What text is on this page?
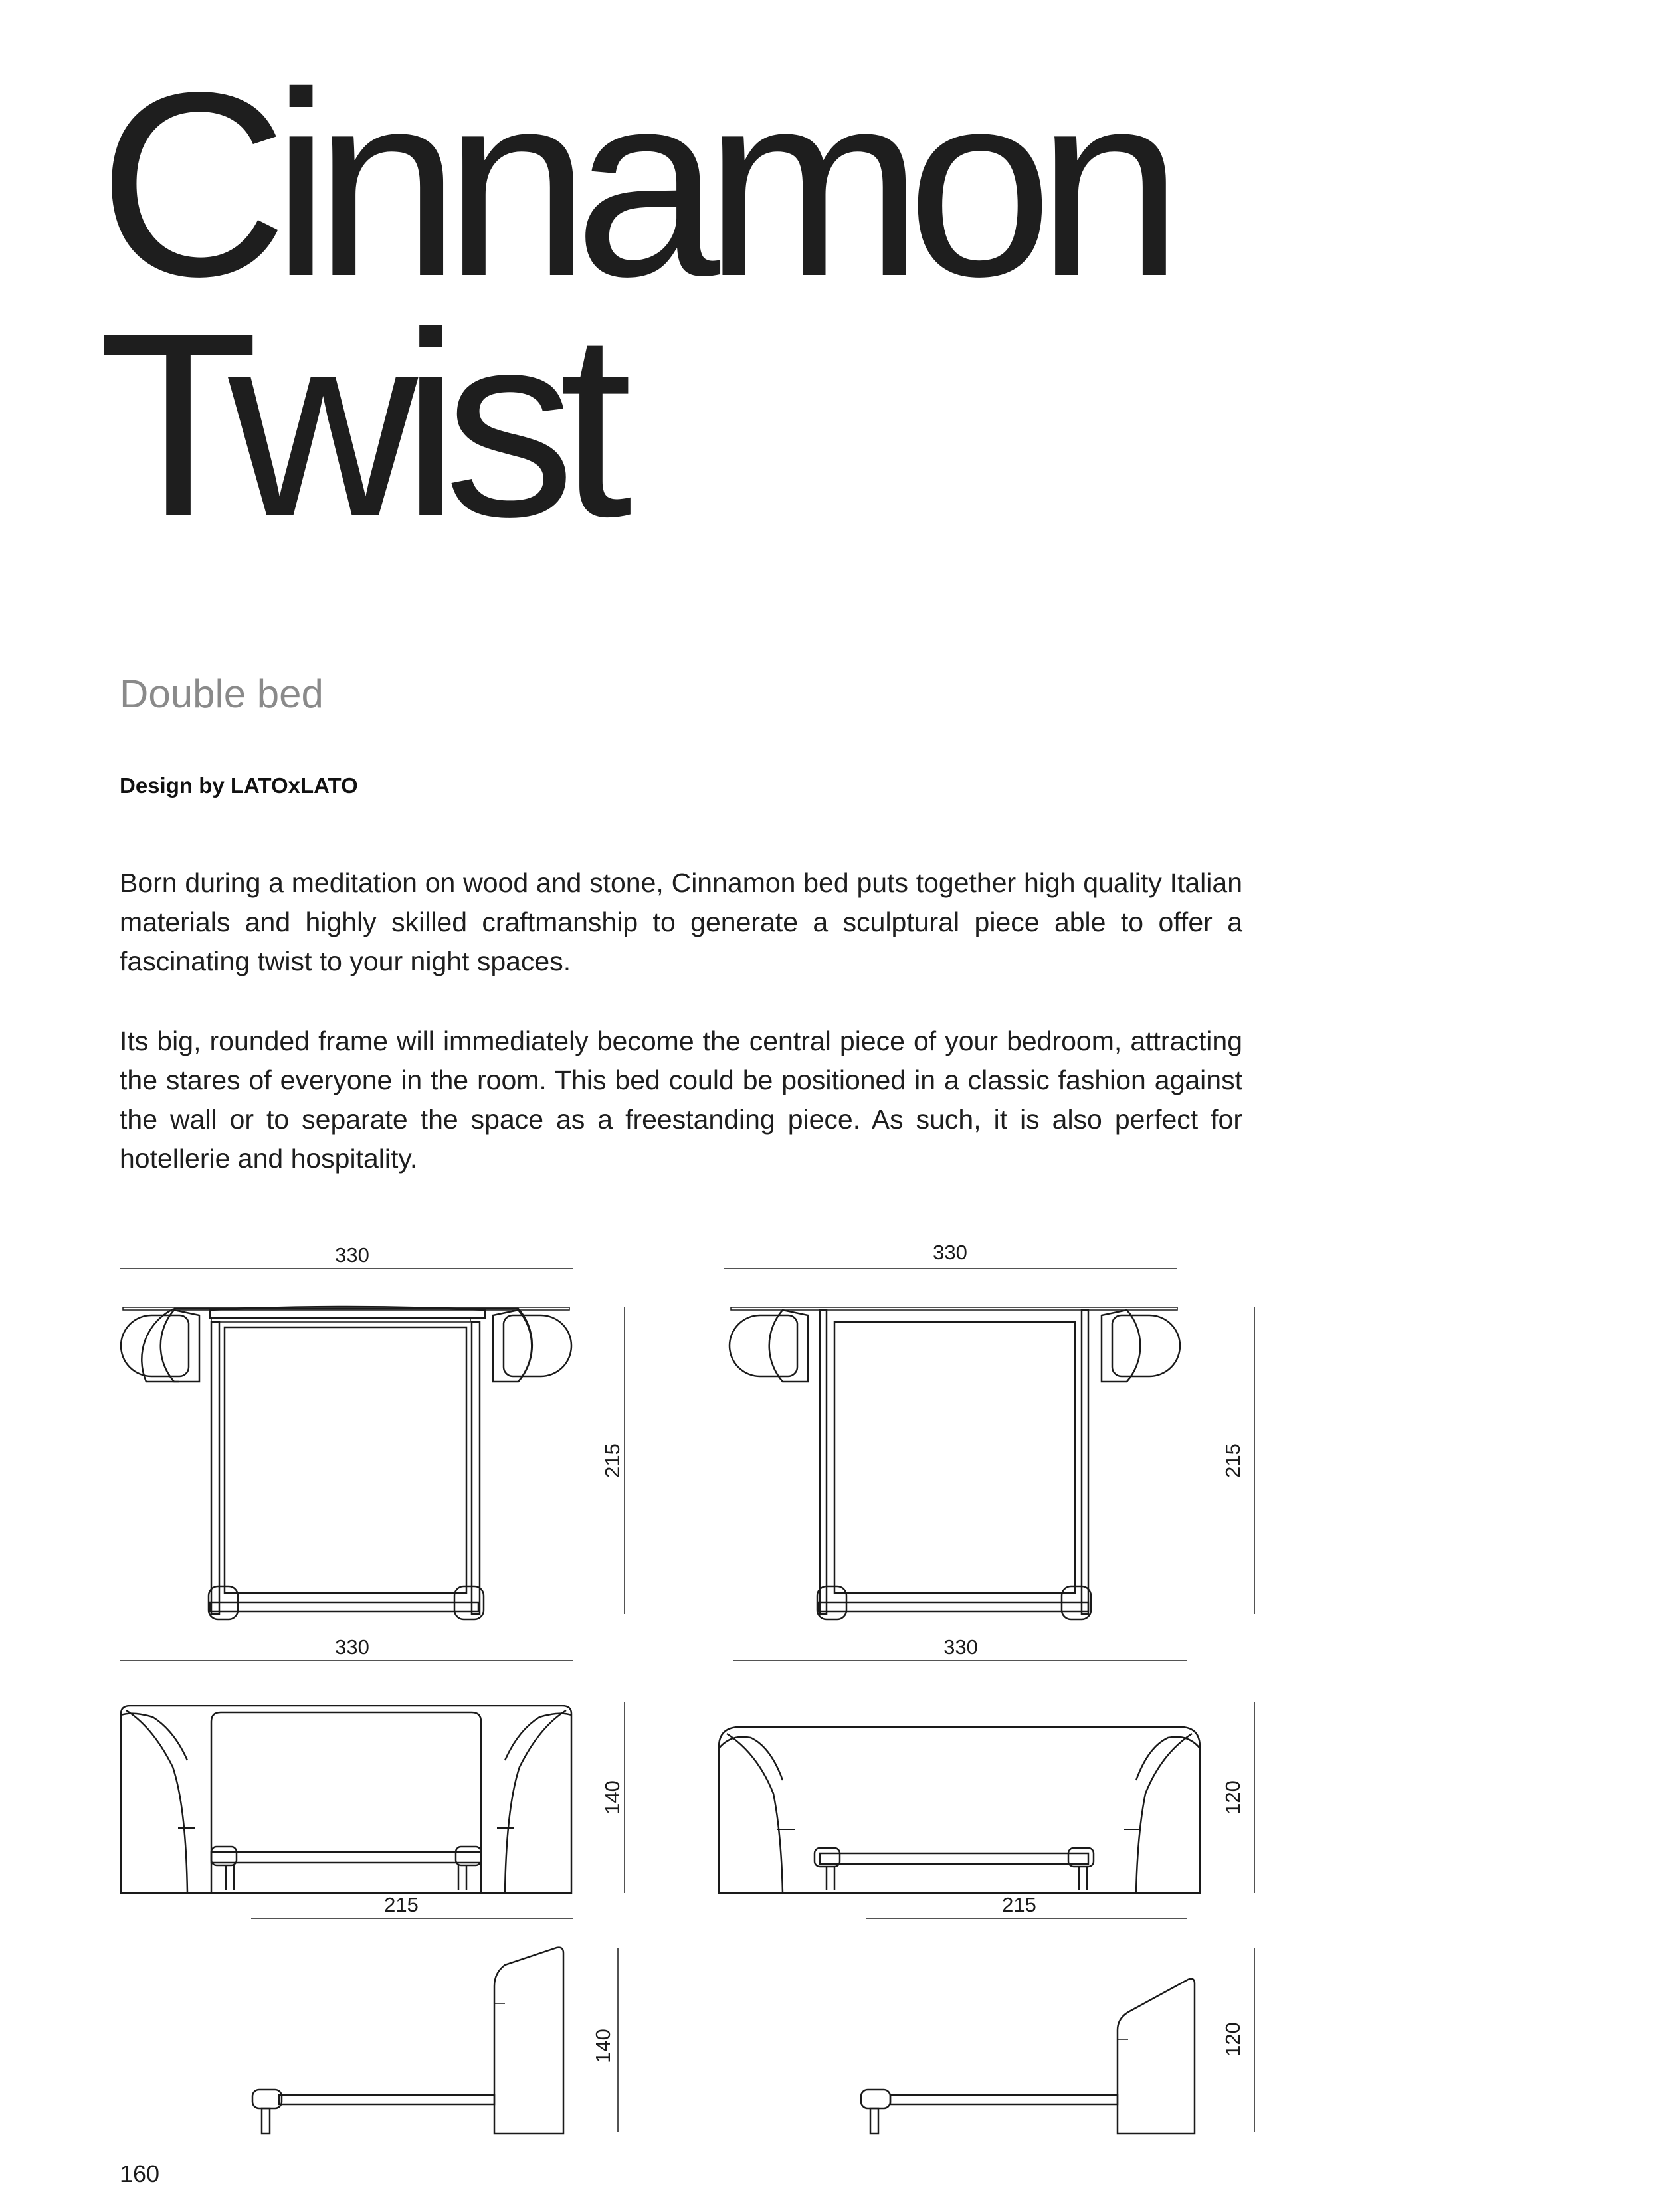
Cinnamon
Twist
Double bed
Design by LATOxLATO

Born during a meditation on wood and stone, Cinnamon bed puts together high quality Italian materials and highly skilled craftmanship to generate a sculptural piece able to offer a fascinating twist to your night spaces.

Its big, rounded frame will immediately become the central piece of your bedroom, attracting the stares of everyone in the room. This bed could be positioned in a classic fashion against the wall or to separate the space as a freestanding piece. As such, it is also perfect for hotellerie and hospitality.

330
215
330
140
215
140
330
215
330
120
215
120
160
